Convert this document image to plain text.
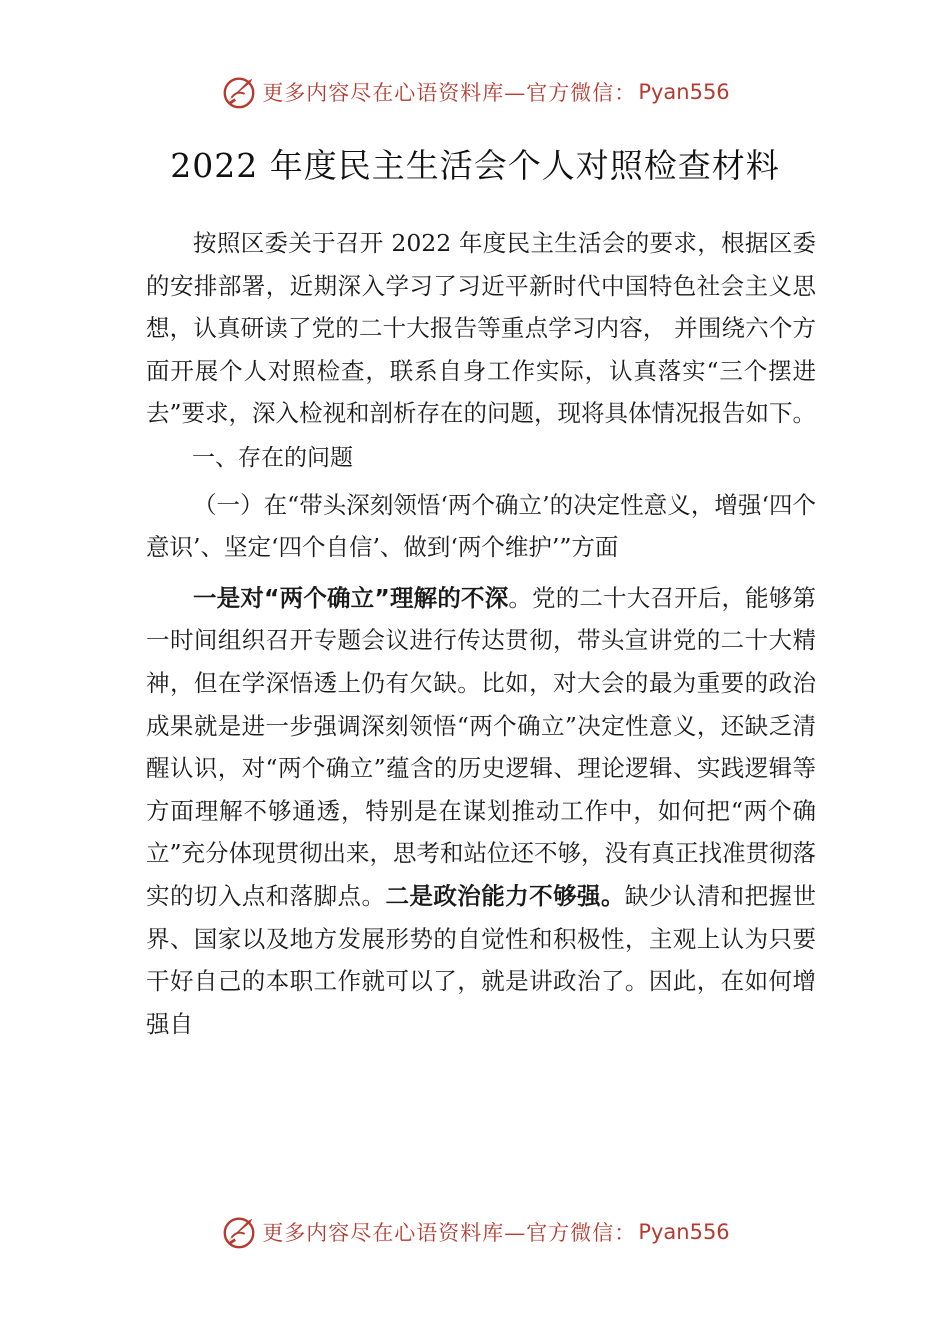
更多内容尽在心语资料库—官方微信： Pyan556
2022 年度民主生活会个人对照检查材料

按照区委关于召开 2022 年度民主生活会的要求，根据区委的安排部署，近期深入学习了习近平新时代中国特色社会主义思想，认真研读了党的二十大报告等重点学习内容， 并围绕六个方面开展个人对照检查，联系自身工作实际，认真落实“三个摆进去”要求，深入检视和剖析存在的问题，现将具体情况报告如下。

一、存在的问题

（一）在“带头深刻领悟‘两个确立’的决定性意义，增强‘四个意识’、坚定‘四个自信’、做到‘两个维护’”方面

一是对“两个确立”理解的不深。党的二十大召开后，能够第一时间组织召开专题会议进行传达贯彻，带头宣讲党的二十大精神，但在学深悟透上仍有欠缺。比如，对大会的最为重要的政治成果就是进一步强调深刻领悟“两个确立”决定性意义，还缺乏清醒认识，对“两个确立”蕴含的历史逻辑、理论逻辑、实践逻辑等方面理解不够通透，特别是在谋划推动工作中，如何把“两个确立”充分体现贯彻出来，思考和站位还不够，没有真正找准贯彻落实的切入点和落脚点。二是政治能力不够强。缺少认清和把握世界、国家以及地方发展形势的自觉性和积极性，主观上认为只要干好自己的本职工作就可以了，就是讲政治了。因此，在如何增强自

更多内容尽在心语资料库—官方微信： Pyan556
